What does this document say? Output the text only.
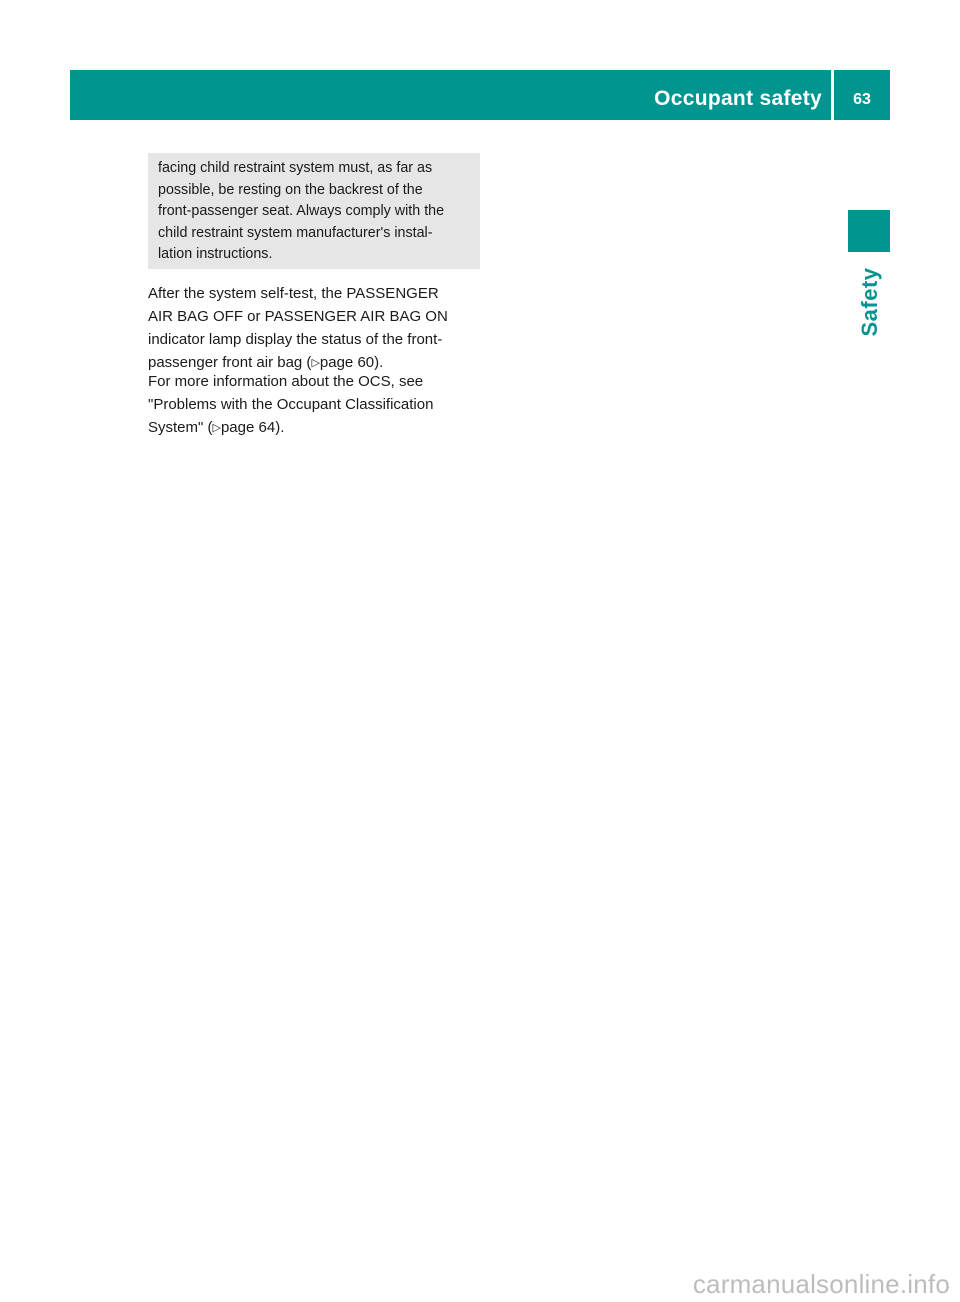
Occupant safety	63
Safety
facing child restraint system must, as far as
possible, be resting on the backrest of the
front-passenger seat. Always comply with the
child restraint system manufacturer's instal-
lation instructions.
After the system self-test, the PASSENGER
AIR BAG OFF or PASSENGER AIR BAG ON
indicator lamp display the status of the front-
passenger front air bag (▷page 60).
For more information about the OCS, see
"Problems with the Occupant Classification
System" (▷page 64).
carmanualsonline.info
